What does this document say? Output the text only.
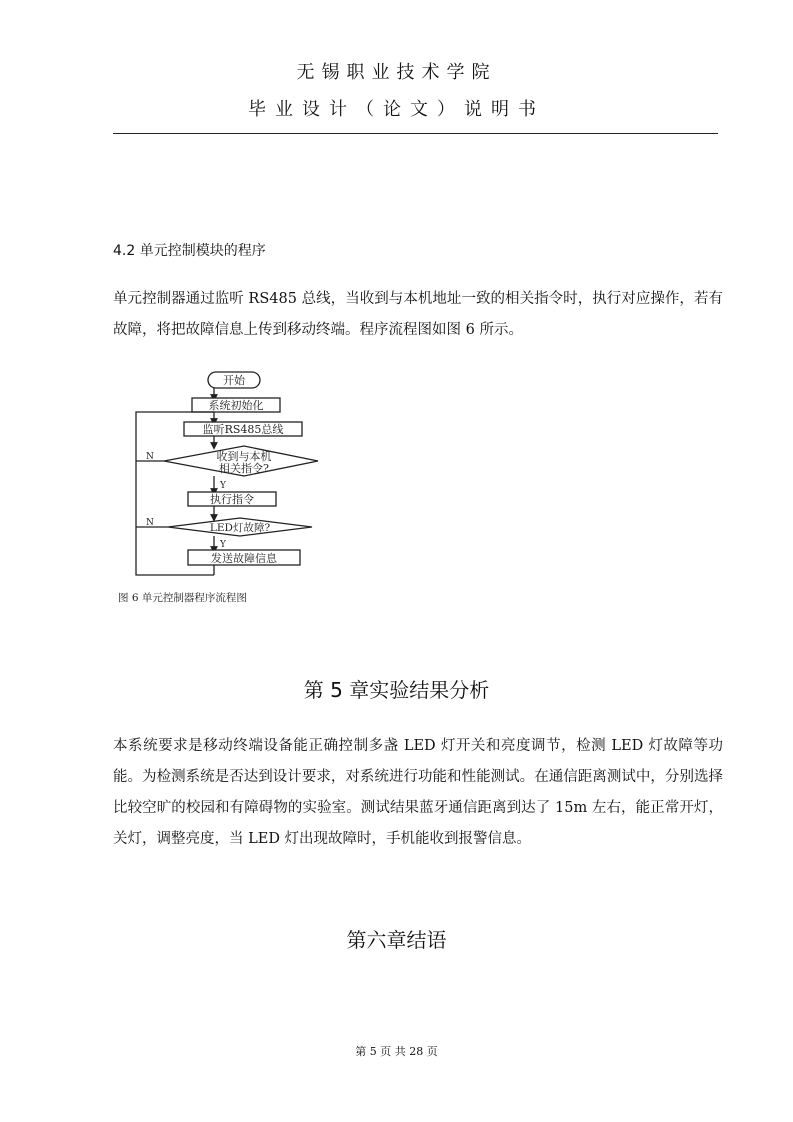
无锡职业技术学院
毕业设计（论文）说明书
4.2 单元控制模块的程序
单元控制器通过监听 RS485 总线，当收到与本机地址一致的相关指令时，执行对应操作，若有故障，将把故障信息上传到移动终端。程序流程图如图 6 所示。
开始
系统初始化
监听RS485总线
收到与本机
相关指令?
Y
执行指令
LED灯故障?
Y
发送故障信息
N
N
图 6 单元控制器程序流程图
第 5 章实验结果分析
本系统要求是移动终端设备能正确控制多盏 LED 灯开关和亮度调节，检测 LED 灯故障等功能。为检测系统是否达到设计要求，对系统进行功能和性能测试。在通信距离测试中，分别选择比较空旷的校园和有障碍物的实验室。测试结果蓝牙通信距离到达了 15m 左右，能正常开灯，关灯，调整亮度，当 LED 灯出现故障时，手机能收到报警信息。
第六章结语
第 5 页 共 28 页
